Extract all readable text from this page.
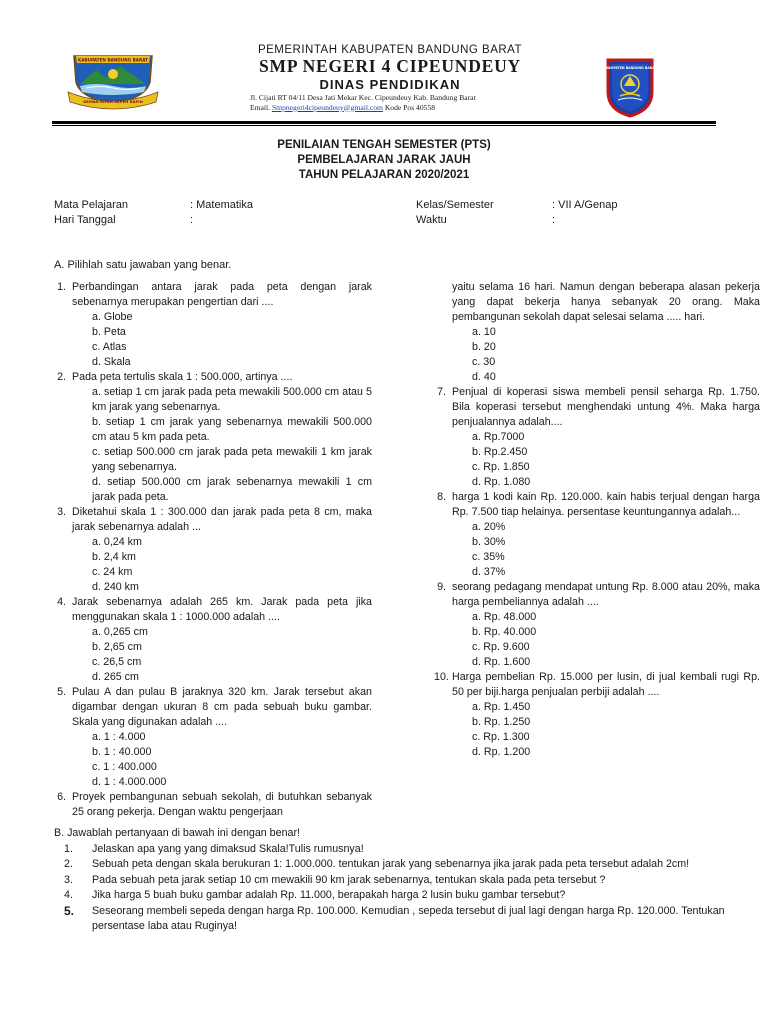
KABUPATEN BANDUNG BARAT
GEMAH RIPAH REPEH RAPIH
PEMERINTAH KABUPATEN BANDUNG BARAT
SMP NEGERI 4 CIPEUNDEUY
DINAS PENDIDIKAN
Jl. Cijati RT 04/11 Desa Jati Mekar Kec. Cipeundeuy Kab. Bandung Barat
Email. Smpnegeri4cipeundeuy@gmail.com Kode Pos 40558
KABUPATEN BANDUNG BARAT
PENILAIAN TENGAH SEMESTER (PTS)
PEMBELAJARAN JARAK JAUH
TAHUN PELAJARAN 2020/2021
Mata Pelajaran	: Matematika
Hari Tanggal	:
Kelas/Semester	: VII A/Genap
Waktu	:
A. Pilihlah satu jawaban yang benar.
1. Perbandingan antara jarak pada peta dengan jarak sebenarnya merupakan pengertian dari ....
a. Globe
b. Peta
c. Atlas
d. Skala
2. Pada peta tertulis skala 1 : 500.000, artinya ....
a. setiap 1 cm jarak pada peta mewakili 500.000 cm atau 5 km jarak yang sebenarnya.
b. setiap 1 cm jarak yang sebenarnya mewakili 500.000 cm atau 5 km pada peta.
c. setiap 500.000 cm jarak pada peta mewakili 1 km jarak yang sebenarnya.
d. setiap 500.000 cm jarak sebenarnya mewakili 1 cm jarak pada peta.
3. Diketahui skala 1 : 300.000 dan jarak pada peta 8 cm, maka jarak sebenarnya adalah ...
a. 0,24 km
b. 2,4 km
c. 24 km
d. 240 km
4. Jarak sebenarnya adalah 265 km. Jarak pada peta jika menggunakan skala 1 : 1000.000 adalah ....
a. 0,265 cm
b. 2,65 cm
c. 26,5 cm
d. 265 cm
5. Pulau A dan pulau B jaraknya 320 km. Jarak tersebut akan digambar dengan ukuran 8 cm pada sebuah buku gambar. Skala yang digunakan adalah ....
a. 1 : 4.000
b. 1 : 40.000
c. 1 : 400.000
d. 1 : 4.000.000
6. Proyek pembangunan sebuah sekolah, di butuhkan sebanyak 25 orang pekerja. Dengan waktu pengerjaan
yaitu selama 16 hari. Namun dengan beberapa alasan pekerja yang dapat bekerja hanya sebanyak 20 orang. Maka pembangunan sekolah dapat selesai selama ..... hari.
a. 10
b. 20
c. 30
d. 40
7. Penjual di koperasi siswa membeli pensil seharga Rp. 1.750. Bila koperasi tersebut menghendaki untung 4%. Maka harga penjualannya adalah....
a. Rp.7000
b. Rp.2.450
c. Rp. 1.850
d. Rp. 1.080
8. harga 1 kodi kain Rp. 120.000. kain habis terjual dengan harga Rp. 7.500 tiap helainya. persentase keuntungannya adalah...
a. 20%
b. 30%
c. 35%
d. 37%
9. seorang pedagang mendapat untung Rp. 8.000 atau 20%, maka harga pembeliannya adalah ....
a. Rp. 48.000
b. Rp. 40.000
c. Rp. 9.600
d. Rp. 1.600
10. Harga pembelian Rp. 15.000 per lusin, di jual kembali rugi Rp. 50 per biji.harga penjualan perbiji adalah ....
a. Rp. 1.450
b. Rp. 1.250
c. Rp. 1.300
d. Rp. 1.200
B. Jawablah pertanyaan di bawah ini dengan benar!
1.	Jelaskan apa yang yang dimaksud Skala!Tulis rumusnya!
2.	Sebuah peta dengan skala berukuran 1: 1.000.000. tentukan jarak yang sebenarnya jika jarak pada peta tersebut adalah 2cm!
3.	Pada sebuah peta jarak setiap 10 cm mewakili 90 km jarak sebenarnya, tentukan skala pada peta tersebut ?
4.	Jika harga 5 buah buku gambar adalah Rp. 11.000, berapakah harga 2 lusin buku gambar tersebut?
5.	Seseorang membeli sepeda dengan harga Rp. 100.000. Kemudian , sepeda tersebut di jual lagi dengan harga Rp. 120.000. Tentukan persentase laba atau Ruginya!
